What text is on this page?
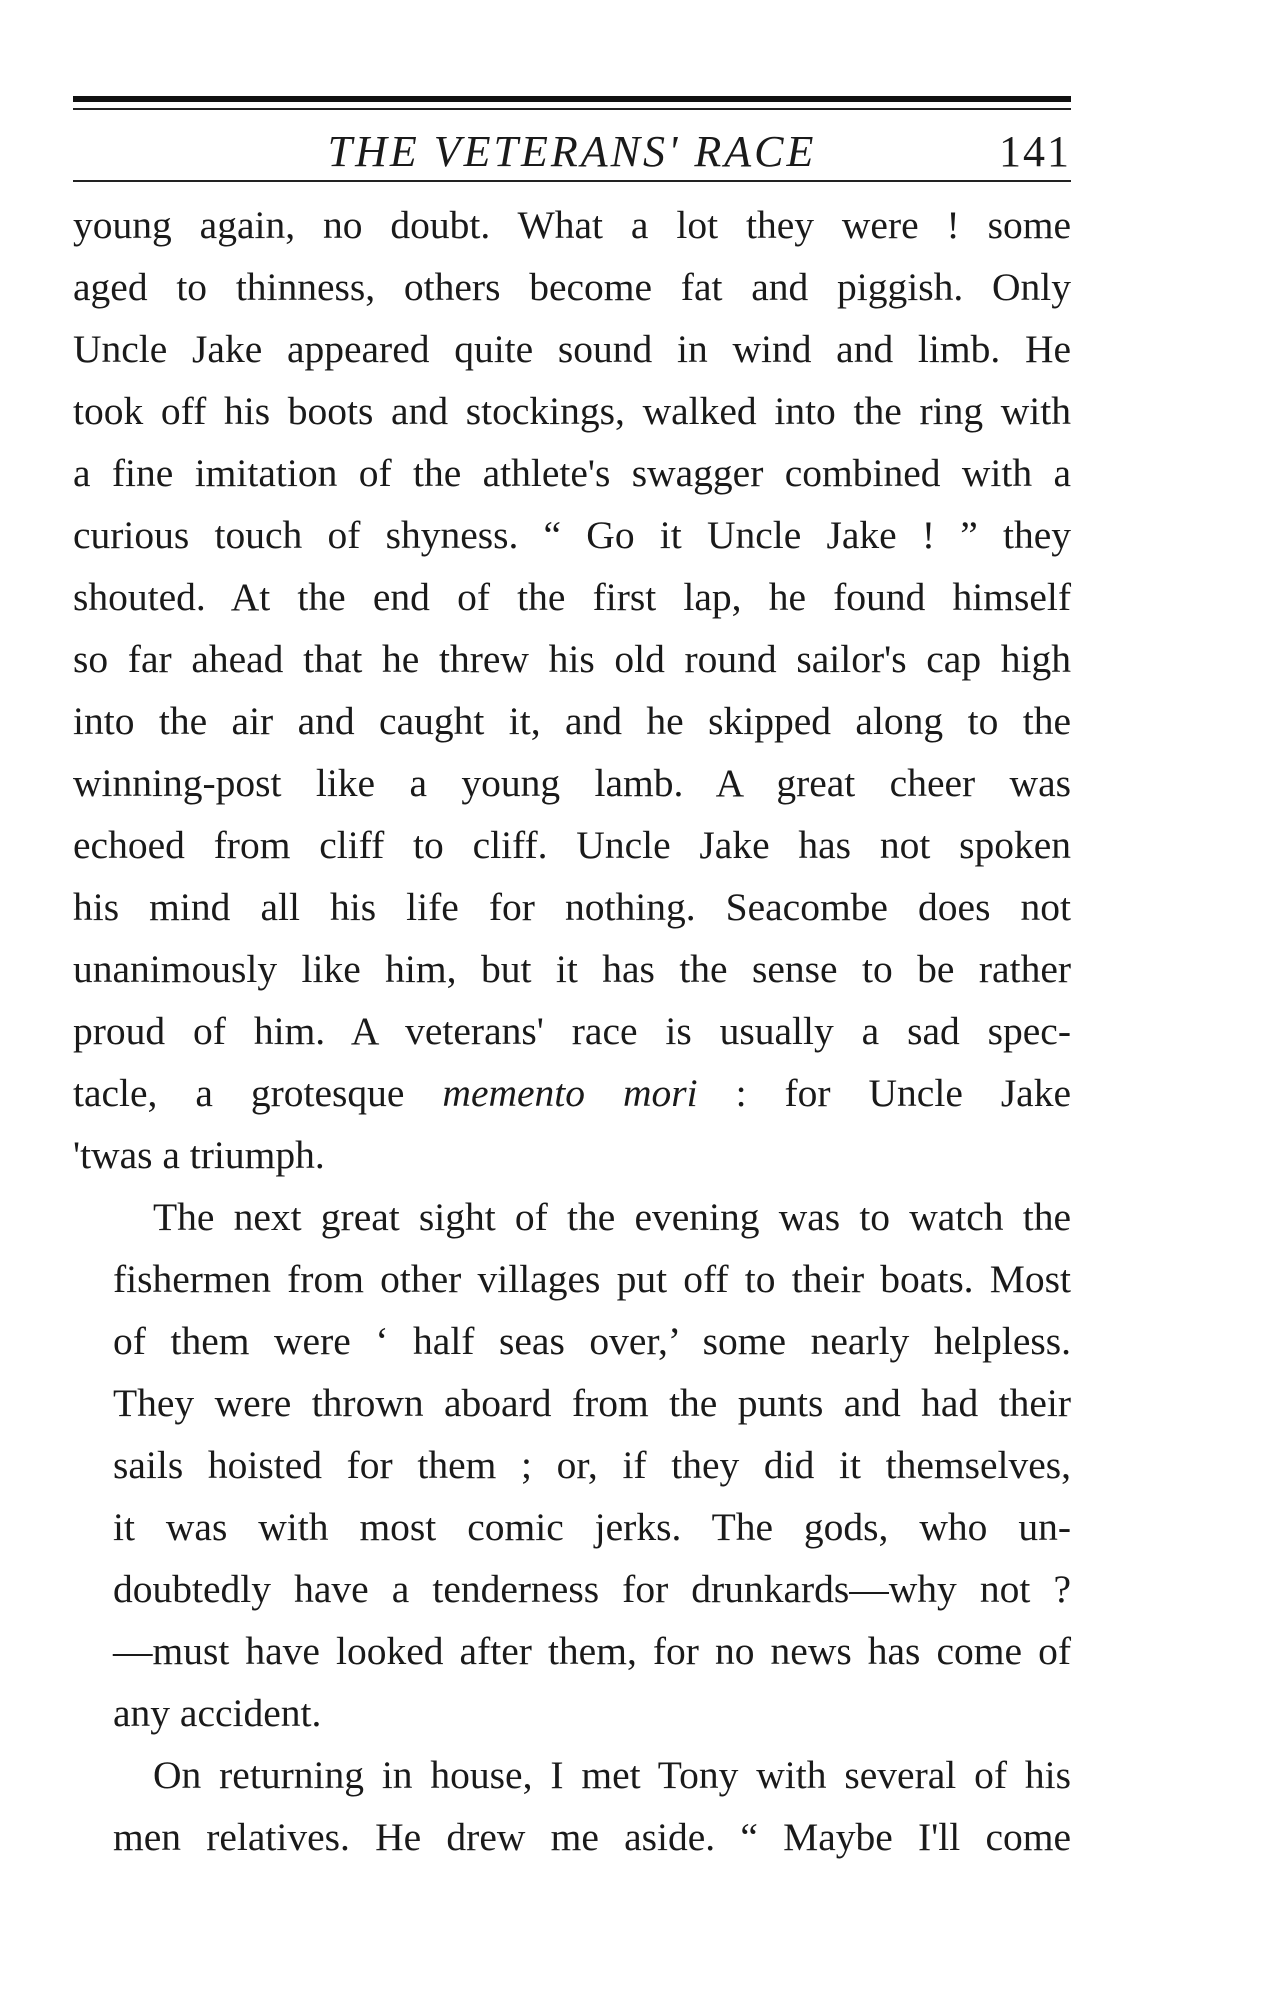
THE VETERANS' RACE	141
young again, no doubt. What a lot they were ! some
aged to thinness, others become fat and piggish. Only
Uncle Jake appeared quite sound in wind and limb. He
took off his boots and stockings, walked into the ring with
a fine imitation of the athlete's swagger combined with a
curious touch of shyness. “ Go it Uncle Jake ! ” they
shouted. At the end of the first lap, he found himself
so far ahead that he threw his old round sailor's cap high
into the air and caught it, and he skipped along to the
winning-post like a young lamb. A great cheer was
echoed from cliff to cliff. Uncle Jake has not spoken
his mind all his life for nothing. Seacombe does not
unanimously like him, but it has the sense to be rather
proud of him. A veterans' race is usually a sad spec-
tacle, a grotesque memento mori : for Uncle Jake
'twas a triumph.
The next great sight of the evening was to watch the
fishermen from other villages put off to their boats. Most
of them were ‘ half seas over,’ some nearly helpless.
They were thrown aboard from the punts and had their
sails hoisted for them ; or, if they did it themselves,
it was with most comic jerks. The gods, who un-
doubtedly have a tenderness for drunkards—why not ?
—must have looked after them, for no news has come of
any accident.
On returning in house, I met Tony with several of his
men relatives. He drew me aside. “ Maybe I'll come
